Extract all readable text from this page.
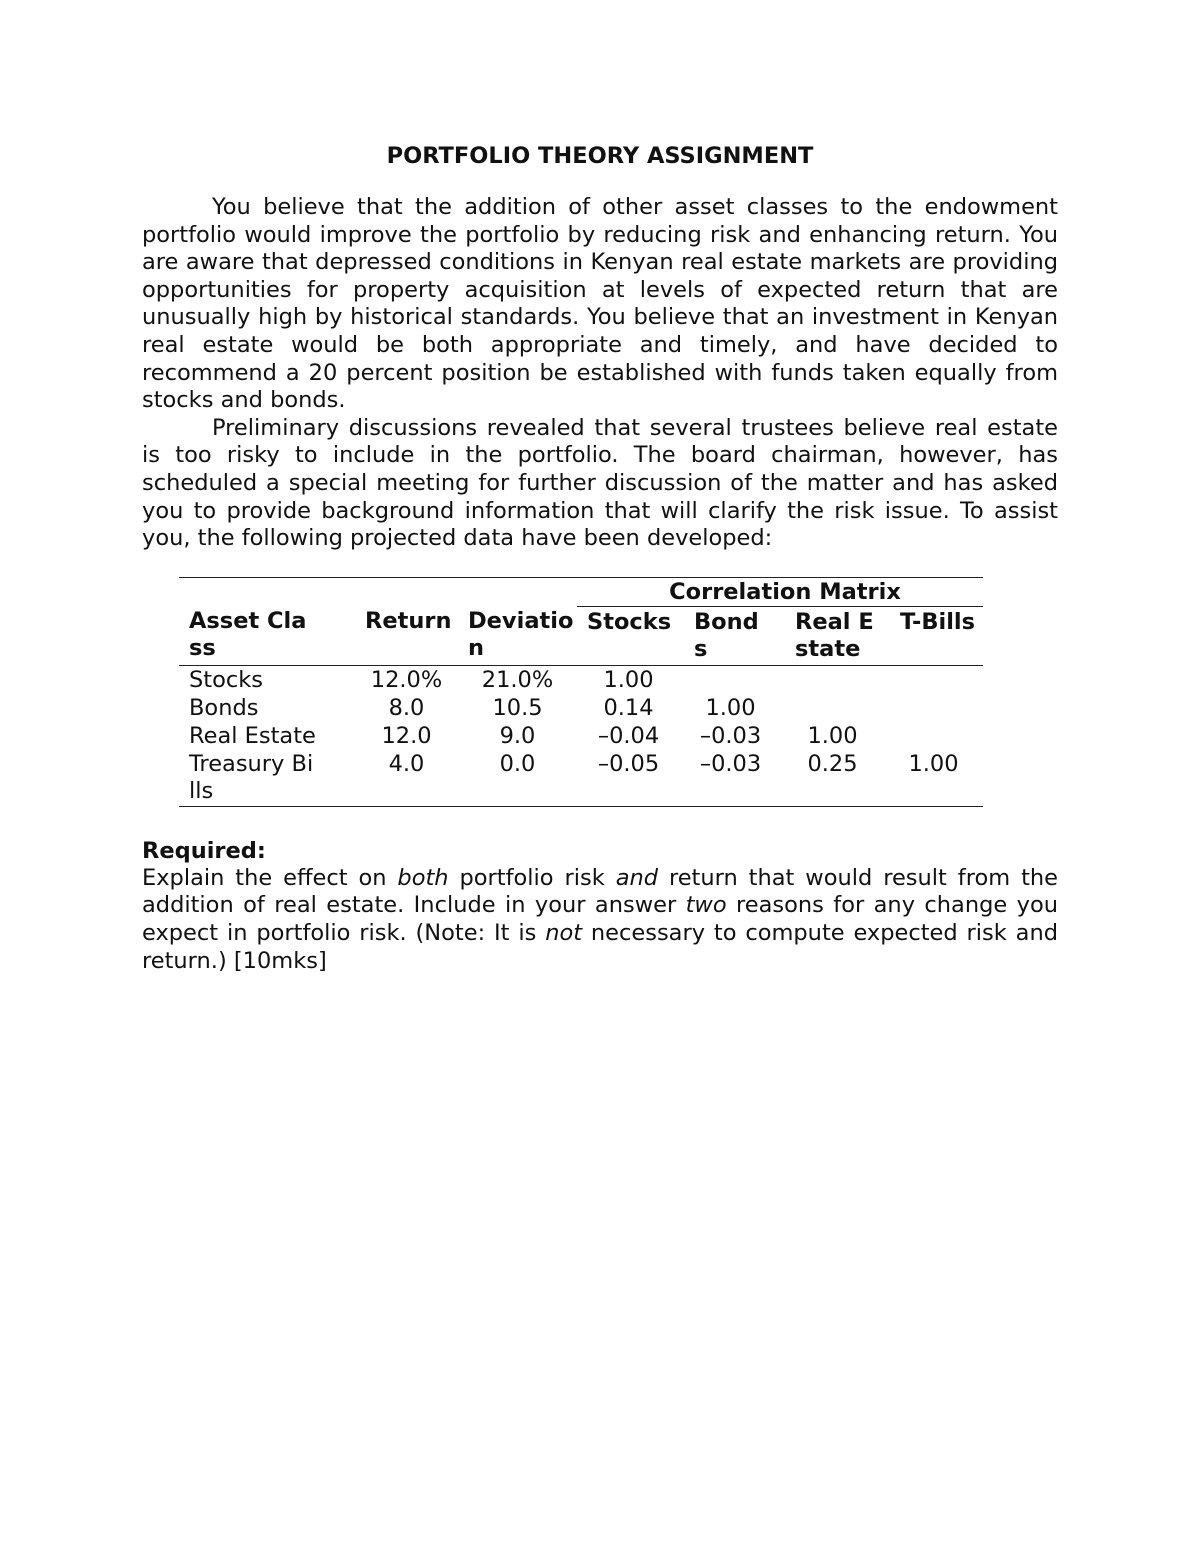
PORTFOLIO THEORY ASSIGNMENT

You believe that the addition of other asset classes to the endowment portfolio would improve the portfolio by reducing risk and enhancing return. You are aware that depressed conditions in Kenyan real estate markets are providing opportunities for property acquisition at levels of expected return that are unusually high by historical standards. You believe that an investment in Kenyan real estate would be both appropriate and timely, and have decided to recommend a 20 percent position be established with funds taken equally from stocks and bonds.

Preliminary discussions revealed that several trustees believe real estate is too risky to include in the portfolio. The board chairman, however, has scheduled a special meeting for further discussion of the matter and has asked you to provide background information that will clarify the risk issue. To assist you, the following projected data have been developed:

			Correlation Matrix			
Asset Class	Return	Deviation	Stocks	Bonds	Real Estate	T-Bills
Stocks	12.0%	21.0%	1.00			
Bonds	8.0	10.5	0.14	1.00		
Real Estate	12.0	9.0	–0.04	–0.03	1.00	
Treasury Bills	4.0	0.0	–0.05	–0.03	0.25	1.00
Required:

Explain the effect on both portfolio risk and return that would result from the addition of real estate. Include in your answer two reasons for any change you expect in portfolio risk. (Note: It is not necessary to compute expected risk and return.) [10mks]
